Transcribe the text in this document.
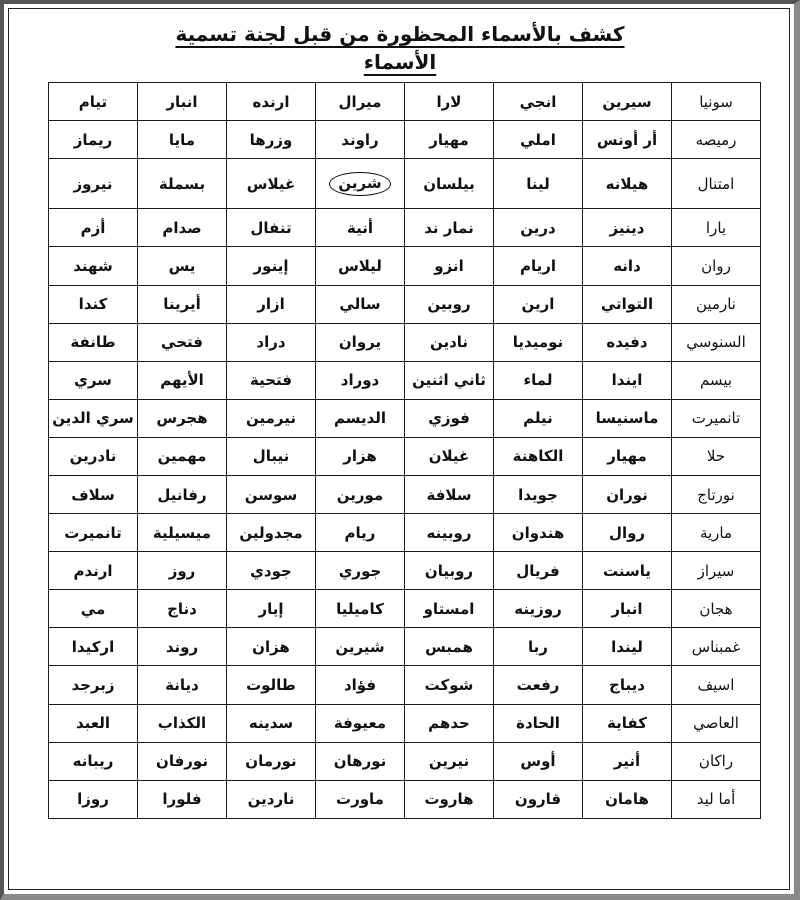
كشف بالأسماء المحظورة من قبل لجنة تسمية الأسماء
سونيا	سيرين	انجي	لارا	ميرال	ارنده	انبار	تيام
رميصه	أر أونس	املي	مهيار	راوند	وزرها	مايا	ريماز
امتنال	هيلانه	لينا	بيلسان	شرين	غيلاس	بسملة	نيروز
يارا	دينيز	درين	نمار ند	أنية	تنفال	صدام	أزم
روان	دانه	اريام	انزو	ليلاس	إينور	يس	شهند
نارمين	التواتي	ارين	روبين	سالي	ازار	أيرينا	كندا
السنوسي	دفيده	نوميديا	نادين	يروان	دراد	فتحي	طانفة
بيسم	ايندا	لماء	ثاني اثنين	دوراد	فتحية	الأيهم	سري
تانميرت	ماسنيسا	نيلم	فوزي	الديسم	نيرمين	هجرس	سري الدين
حلا	مهيار	الكاهنة	غيلان	هزار	نيبال	مهمين	نادرين
نورتاج	نوران	جويدا	سلافة	مورين	سوسن	رفانيل	سلاف
مارية	روال	هندوان	روبينه	ريام	مجدولين	ميسيلية	تانميرت
سيراز	ياسنت	فريال	روبيان	جوري	جودي	روز	ارندم
هجان	انبار	روزينه	امستاو	كاميليا	إيار	دناج	مي
غمبناس	ليندا	ربا	همبس	شيرين	هزان	روند	اركيدا
اسيف	ديباج	رفعت	شوكت	فؤاد	طالوت	ديانة	زبرجد
العاصي	كفاية	الحادة	حدهم	معيوفة	سدينه	الكذاب	العبد
راكان	أنير	أوس	نيرين	نورهان	نورمان	نورفان	ريبانه
أما ليد	هامان	قارون	هاروت	ماورت	ناردين	فلورا	روزا
